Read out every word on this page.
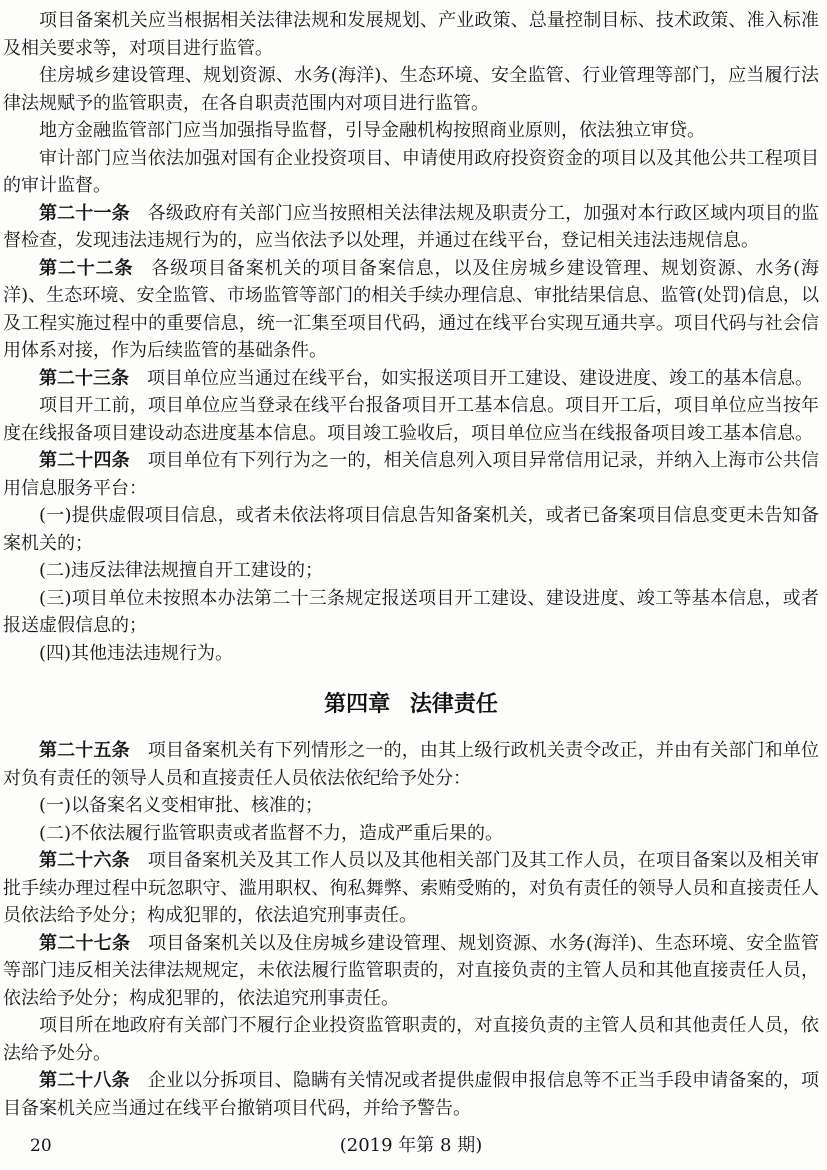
项目备案机关应当根据相关法律法规和发展规划、产业政策、总量控制目标、技术政策、准入标准及相关要求等，对项目进行监管。

住房城乡建设管理、规划资源、水务(海洋)、生态环境、安全监管、行业管理等部门，应当履行法律法规赋予的监管职责，在各自职责范围内对项目进行监管。

地方金融监管部门应当加强指导监督，引导金融机构按照商业原则，依法独立审贷。

审计部门应当依法加强对国有企业投资项目、申请使用政府投资资金的项目以及其他公共工程项目的审计监督。

第二十一条 各级政府有关部门应当按照相关法律法规及职责分工，加强对本行政区域内项目的监督检查，发现违法违规行为的，应当依法予以处理，并通过在线平台，登记相关违法违规信息。

第二十二条 各级项目备案机关的项目备案信息，以及住房城乡建设管理、规划资源、水务(海洋)、生态环境、安全监管、市场监管等部门的相关手续办理信息、审批结果信息、监管(处罚)信息，以及工程实施过程中的重要信息，统一汇集至项目代码，通过在线平台实现互通共享。项目代码与社会信用体系对接，作为后续监管的基础条件。

第二十三条 项目单位应当通过在线平台，如实报送项目开工建设、建设进度、竣工的基本信息。

项目开工前，项目单位应当登录在线平台报备项目开工基本信息。项目开工后，项目单位应当按年度在线报备项目建设动态进度基本信息。项目竣工验收后，项目单位应当在线报备项目竣工基本信息。

第二十四条 项目单位有下列行为之一的，相关信息列入项目异常信用记录，并纳入上海市公共信用信息服务平台：

(一)提供虚假项目信息，或者未依法将项目信息告知备案机关，或者已备案项目信息变更未告知备案机关的；

(二)违反法律法规擅自开工建设的；

(三)项目单位未按照本办法第二十三条规定报送项目开工建设、建设进度、竣工等基本信息，或者报送虚假信息的；

(四)其他违法违规行为。

第四章 法律责任

第二十五条 项目备案机关有下列情形之一的，由其上级行政机关责令改正，并由有关部门和单位对负有责任的领导人员和直接责任人员依法依纪给予处分：

(一)以备案名义变相审批、核准的；

(二)不依法履行监管职责或者监督不力，造成严重后果的。

第二十六条 项目备案机关及其工作人员以及其他相关部门及其工作人员，在项目备案以及相关审批手续办理过程中玩忽职守、滥用职权、徇私舞弊、索贿受贿的，对负有责任的领导人员和直接责任人员依法给予处分；构成犯罪的，依法追究刑事责任。

第二十七条 项目备案机关以及住房城乡建设管理、规划资源、水务(海洋)、生态环境、安全监管等部门违反相关法律法规规定，未依法履行监管职责的，对直接负责的主管人员和其他直接责任人员，依法给予处分；构成犯罪的，依法追究刑事责任。

项目所在地政府有关部门不履行企业投资监管职责的，对直接负责的主管人员和其他责任人员，依法给予处分。

第二十八条 企业以分拆项目、隐瞒有关情况或者提供虚假申报信息等不正当手段申请备案的，项目备案机关应当通过在线平台撤销项目代码，并给予警告。

20	(2019 年第 8 期)
